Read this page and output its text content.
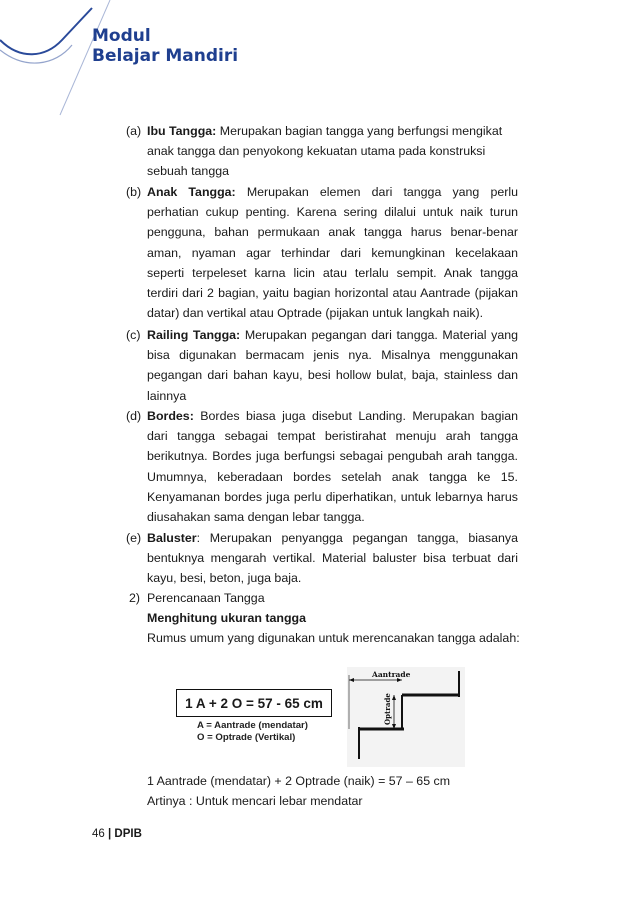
Modul
Belajar Mandiri
(a) Ibu Tangga: Merupakan bagian tangga yang berfungsi mengikat
anak tangga dan penyokong kekuatan utama pada konstruksi
sebuah tangga
(b) Anak Tangga: Merupakan elemen dari tangga yang perlu
perhatian cukup penting. Karena sering dilalui untuk naik turun
pengguna, bahan permukaan anak tangga harus benar-benar
aman, nyaman agar terhindar dari kemungkinan kecelakaan
seperti terpeleset karna licin atau terlalu sempit. Anak tangga
terdiri dari 2 bagian, yaitu bagian horizontal atau Aantrade (pijakan
datar) dan vertikal atau Optrade (pijakan untuk langkah naik).
(c) Railing Tangga: Merupakan pegangan dari tangga. Material yang
bisa digunakan bermacam jenis nya. Misalnya menggunakan
pegangan dari bahan kayu, besi hollow bulat, baja, stainless dan
lainnya
(d) Bordes: Bordes biasa juga disebut Landing. Merupakan bagian
dari tangga sebagai tempat beristirahat menuju arah tangga
berikutnya. Bordes juga berfungsi sebagai pengubah arah tangga.
Umumnya, keberadaan bordes setelah anak tangga ke 15.
Kenyamanan bordes juga perlu diperhatikan, untuk lebarnya harus
diusahakan sama dengan lebar tangga.
(e) Baluster: Merupakan penyangga pegangan tangga, biasanya
bentuknya mengarah vertikal. Material baluster bisa terbuat dari
kayu, besi, beton, juga baja.
2) Perencanaan Tangga
Menghitung ukuran tangga
Rumus umum yang digunakan untuk merencanakan tangga adalah:
1 A + 2 O = 57 - 65 cm
A = Aantrade (mendatar)
O = Optrade (Vertikal)
Aantrade
Optrade
1 Aantrade (mendatar) + 2 Optrade (naik) = 57 – 65 cm
Artinya : Untuk mencari lebar mendatar
46 | DPIB
